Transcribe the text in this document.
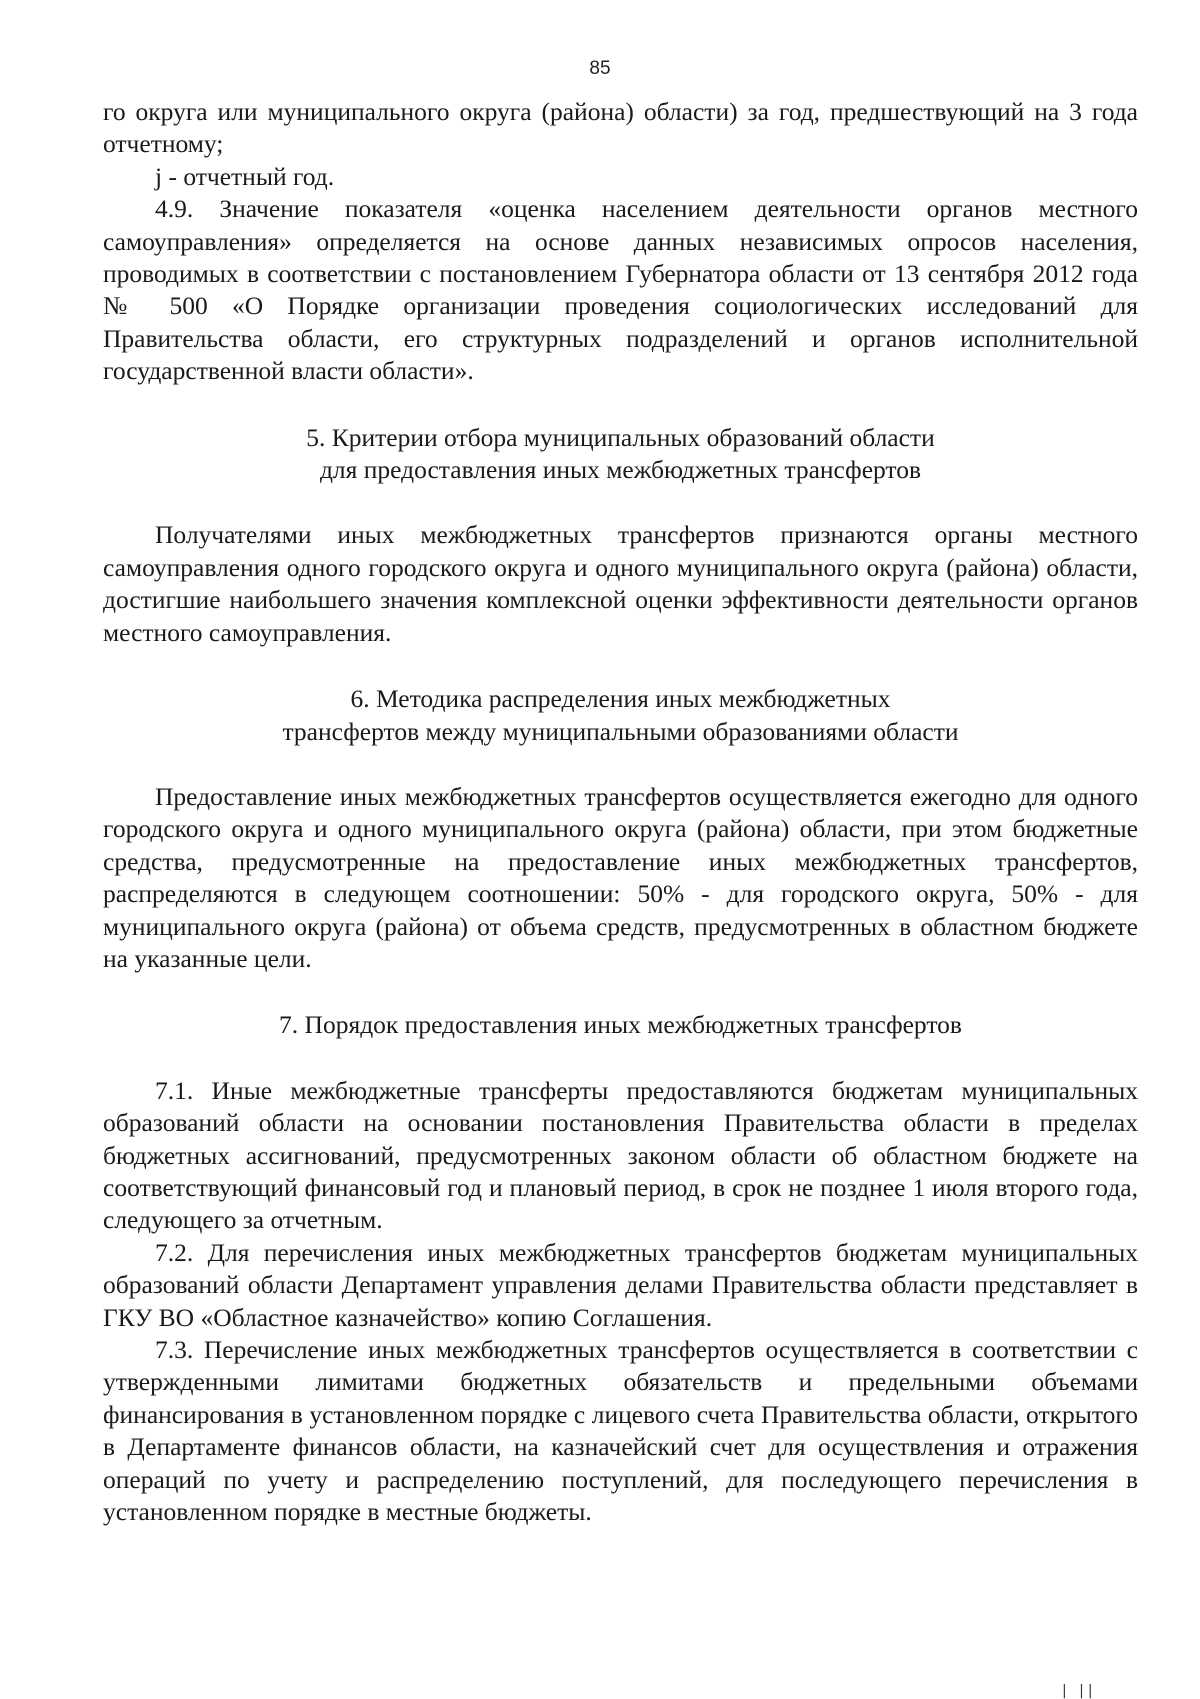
85

го округа или муниципального округа (района) области) за год, предшествующий на 3 года отчетному;

j - отчетный год.

4.9. Значение показателя «оценка населением деятельности органов местного самоуправления» определяется на основе данных независимых опросов населения, проводимых в соответствии с постановлением Губернатора области от 13 сентября 2012 года № 500 «О Порядке организации проведения социологических исследований для Правительства области, его структурных подразделений и органов исполнительной государственной власти области».

5. Критерии отбора муниципальных образований области

для предоставления иных межбюджетных трансфертов

Получателями иных межбюджетных трансфертов признаются органы местного самоуправления одного городского округа и одного муниципального округа (района) области, достигшие наибольшего значения комплексной оценки эффективности деятельности органов местного самоуправления.

6. Методика распределения иных межбюджетных

трансфертов между муниципальными образованиями области

Предоставление иных межбюджетных трансфертов осуществляется ежегодно для одного городского округа и одного муниципального округа (района) области, при этом бюджетные средства, предусмотренные на предоставление иных межбюджетных трансфертов, распределяются в следующем соотношении: 50% - для городского округа, 50% - для муниципального округа (района) от объема средств, предусмотренных в областном бюджете на указанные цели.

7. Порядок предоставления иных межбюджетных трансфертов

7.1. Иные межбюджетные трансферты предоставляются бюджетам муниципальных образований области на основании постановления Правительства области в пределах бюджетных ассигнований, предусмотренных законом области об областном бюджете на соответствующий финансовый год и плановый период, в срок не позднее 1 июля второго года, следующего за отчетным.

7.2. Для перечисления иных межбюджетных трансфертов бюджетам муниципальных образований области Департамент управления делами Правительства области представляет в ГКУ ВО «Областное казначейство» копию Соглашения.

7.3. Перечисление иных межбюджетных трансфертов осуществляется в соответствии с утвержденными лимитами бюджетных обязательств и предельными объемами финансирования в установленном порядке с лицевого счета Правительства области, открытого в Департаменте финансов области, на казначейский счет для осуществления и отражения операций по учету и распределению поступлений, для последующего перечисления в установленном порядке в местные бюджеты.

| ||
